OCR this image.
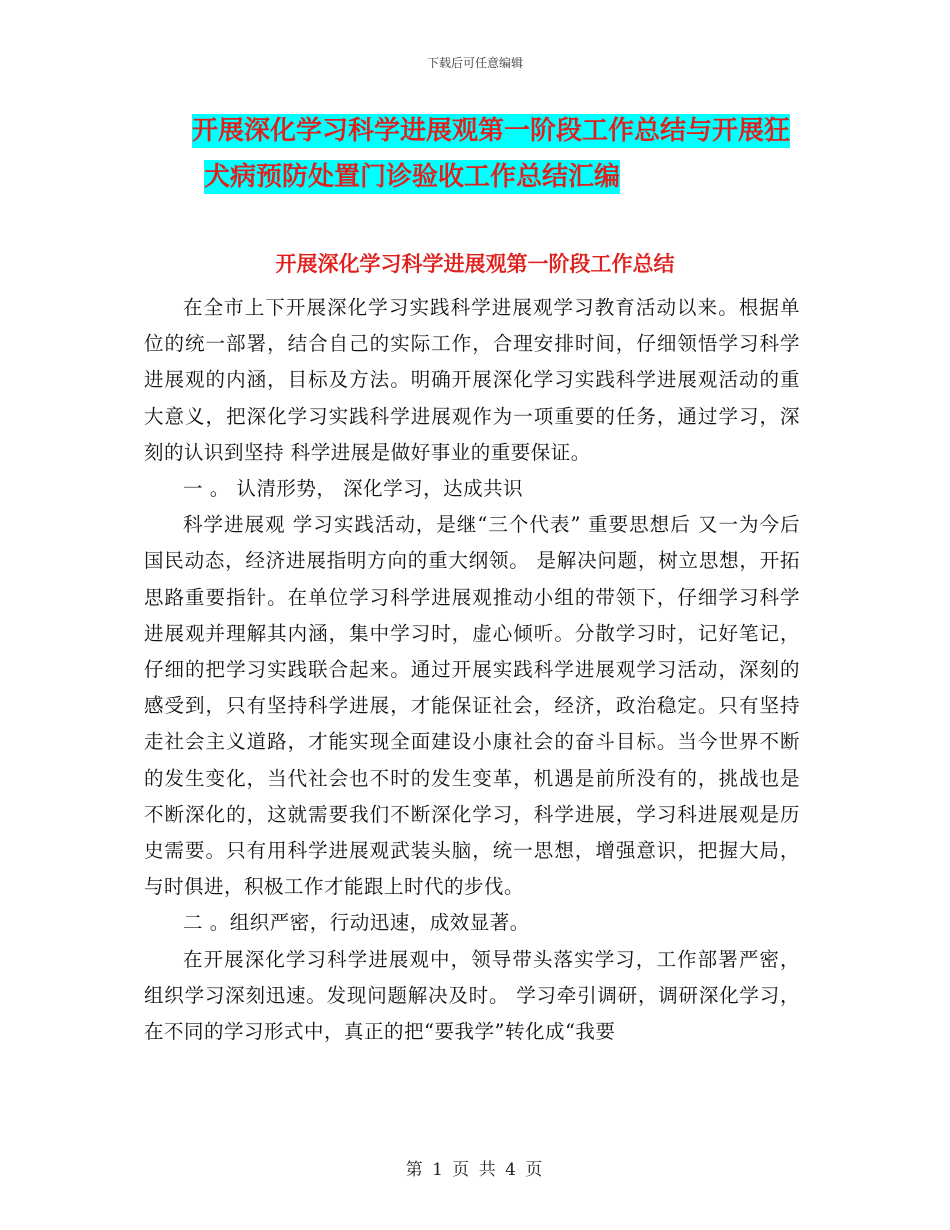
下载后可任意编辑
开展深化学习科学进展观第一阶段工作总结与开展狂
犬病预防处置门诊验收工作总结汇编
开展深化学习科学进展观第一阶段工作总结

在全市上下开展深化学习实践科学进展观学习教育活动以来。根据单位的统一部署，结合自己的实际工作，合理安排时间，仔细领悟学习科学进展观的内涵，目标及方法。明确开展深化学习实践科学进展观活动的重大意义，把深化学习实践科学进展观作为一项重要的任务，通过学习，深刻的认识到坚持 科学进展是做好事业的重要保证。

一 。 认清形势， 深化学习，达成共识

科学进展观 学习实践活动，是继“三个代表” 重要思想后 又一为今后国民动态，经济进展指明方向的重大纲领。 是解决问题，树立思想，开拓思路重要指针。在单位学习科学进展观推动小组的带领下，仔细学习科学进展观并理解其内涵，集中学习时，虚心倾听。分散学习时，记好笔记，仔细的把学习实践联合起来。通过开展实践科学进展观学习活动，深刻的感受到，只有坚持科学进展，才能保证社会，经济，政治稳定。只有坚持走社会主义道路，才能实现全面建设小康社会的奋斗目标。当今世界不断的发生变化，当代社会也不时的发生变革，机遇是前所没有的，挑战也是不断深化的，这就需要我们不断深化学习，科学进展，学习科进展观是历史需要。只有用科学进展观武装头脑，统一思想，增强意识，把握大局，与时俱进，积极工作才能跟上时代的步伐。

二 。组织严密，行动迅速，成效显著。

在开展深化学习科学进展观中，领导带头落实学习，工作部署严密， 组织学习深刻迅速。发现问题解决及时。 学习牵引调研，调研深化学习，在不同的学习形式中，真正的把“要我学”转化成“我要

第 1 页 共 4 页
